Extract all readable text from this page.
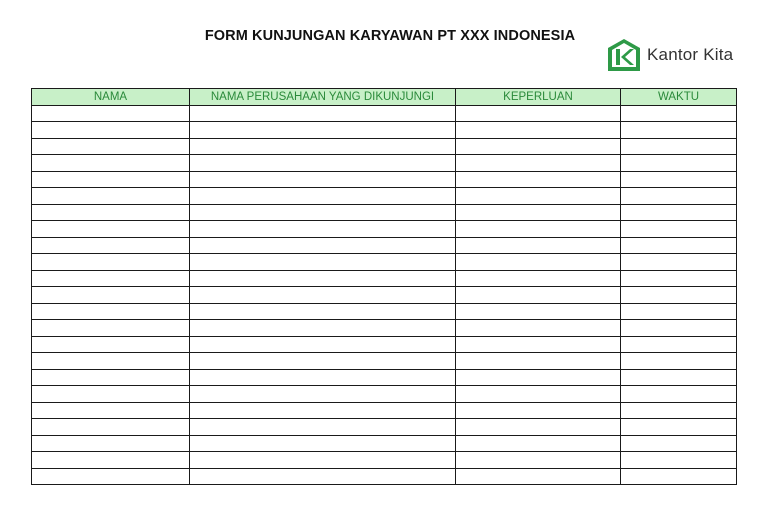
FORM KUNJUNGAN KARYAWAN PT XXX INDONESIA
Kantor Kita
NAMA	NAMA PERUSAHAAN YANG DIKUNJUNGI	KEPERLUAN	WAKTU
